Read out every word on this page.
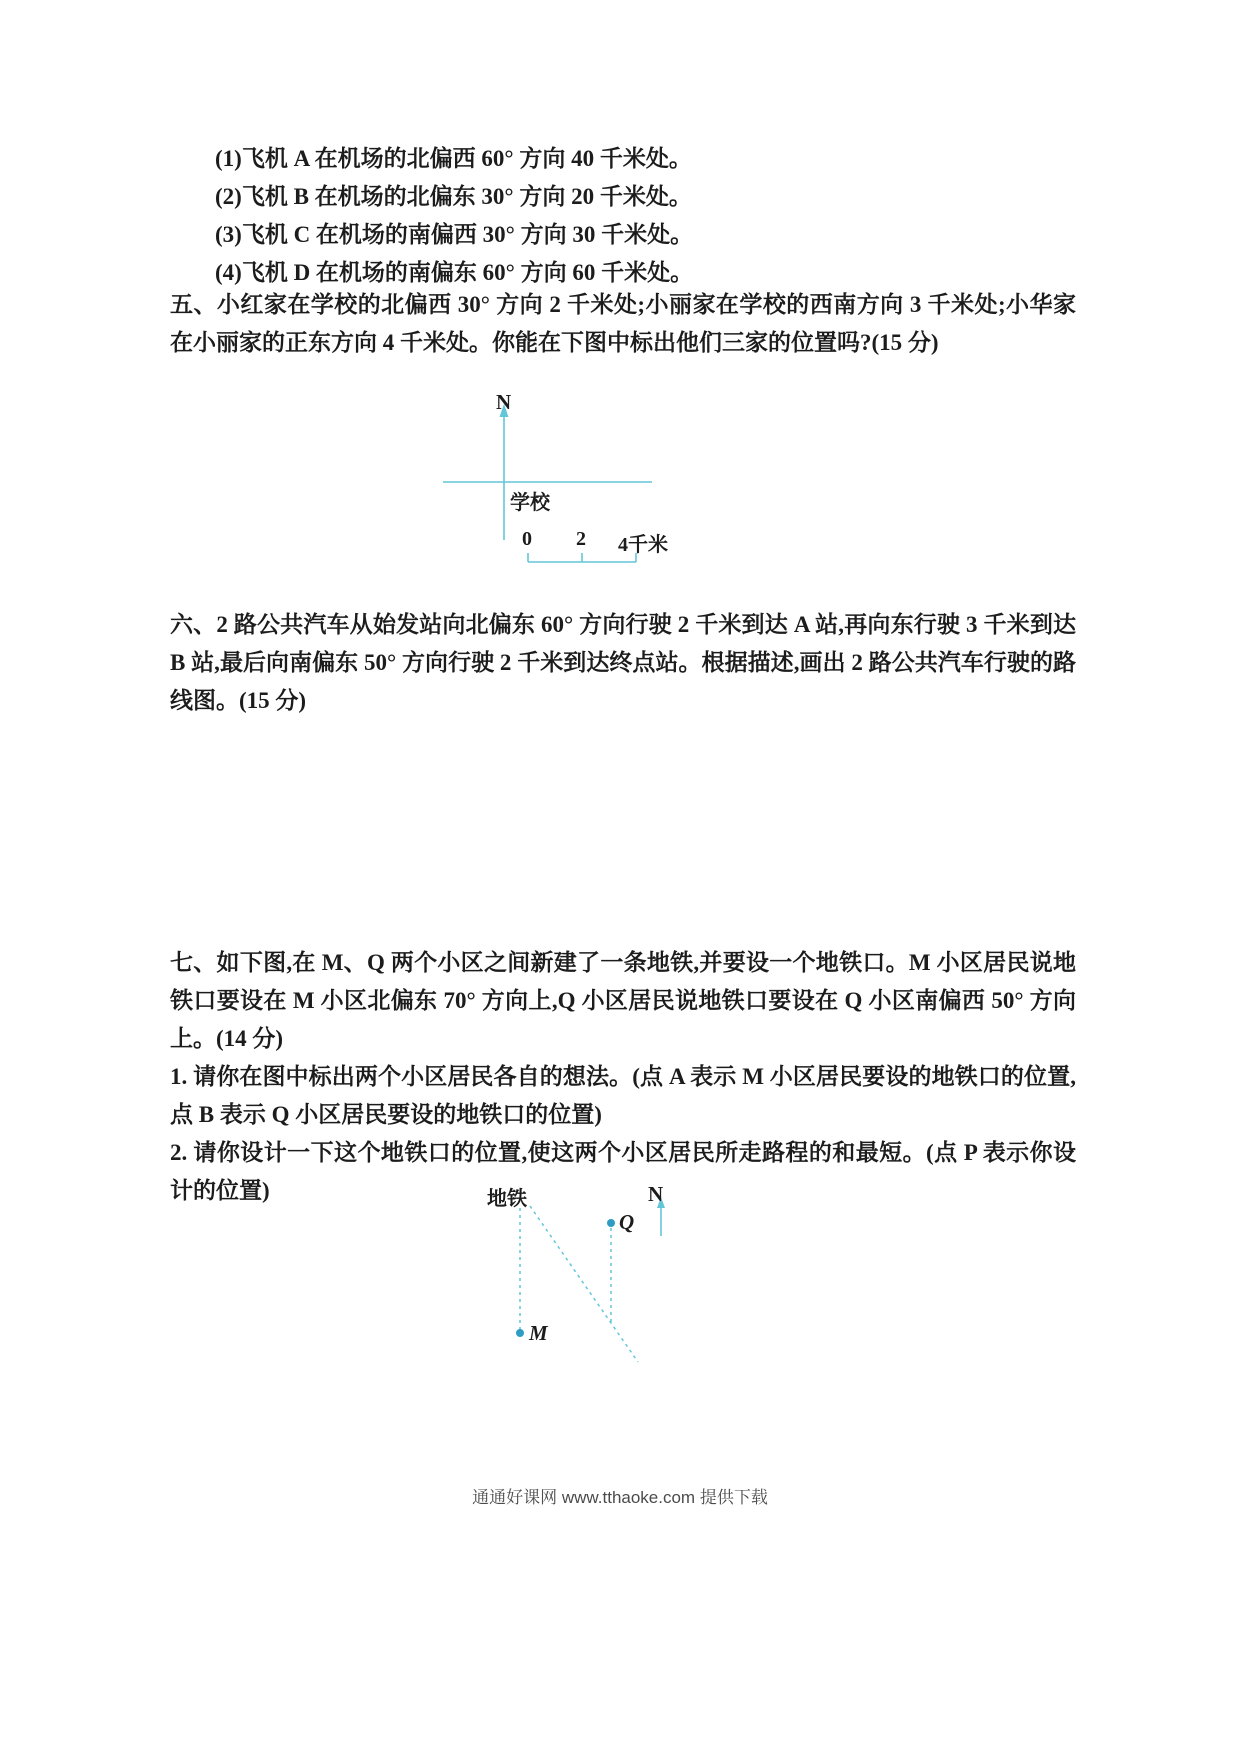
(1)飞机 A 在机场的北偏西 60° 方向 40 千米处。
(2)飞机 B 在机场的北偏东 30° 方向 20 千米处。
(3)飞机 C 在机场的南偏西 30° 方向 30 千米处。
(4)飞机 D 在机场的南偏东 60° 方向 60 千米处。
五、小红家在学校的北偏西 30° 方向 2 千米处;小丽家在学校的西南方向 3 千米处;小华家在小丽家的正东方向 4 千米处。你能在下图中标出他们三家的位置吗?(15 分)
N
学校
0 2 4千米
六、2 路公共汽车从始发站向北偏东 60° 方向行驶 2 千米到达 A 站,再向东行驶 3 千米到达 B 站,最后向南偏东 50° 方向行驶 2 千米到达终点站。根据描述,画出 2 路公共汽车行驶的路线图。(15 分)
七、如下图,在 M、Q 两个小区之间新建了一条地铁,并要设一个地铁口。M 小区居民说地铁口要设在 M 小区北偏东 70° 方向上,Q 小区居民说地铁口要设在 Q 小区南偏西 50° 方向上。(14 分)
1. 请你在图中标出两个小区居民各自的想法。(点 A 表示 M 小区居民要设的地铁口的位置,点 B 表示 Q 小区居民要设的地铁口的位置)
2. 请你设计一下这个地铁口的位置,使这两个小区居民所走路程的和最短。(点 P 表示你设计的位置)	地铁	N
Q
M
通通好课网 www.tthaoke.com 提供下载
